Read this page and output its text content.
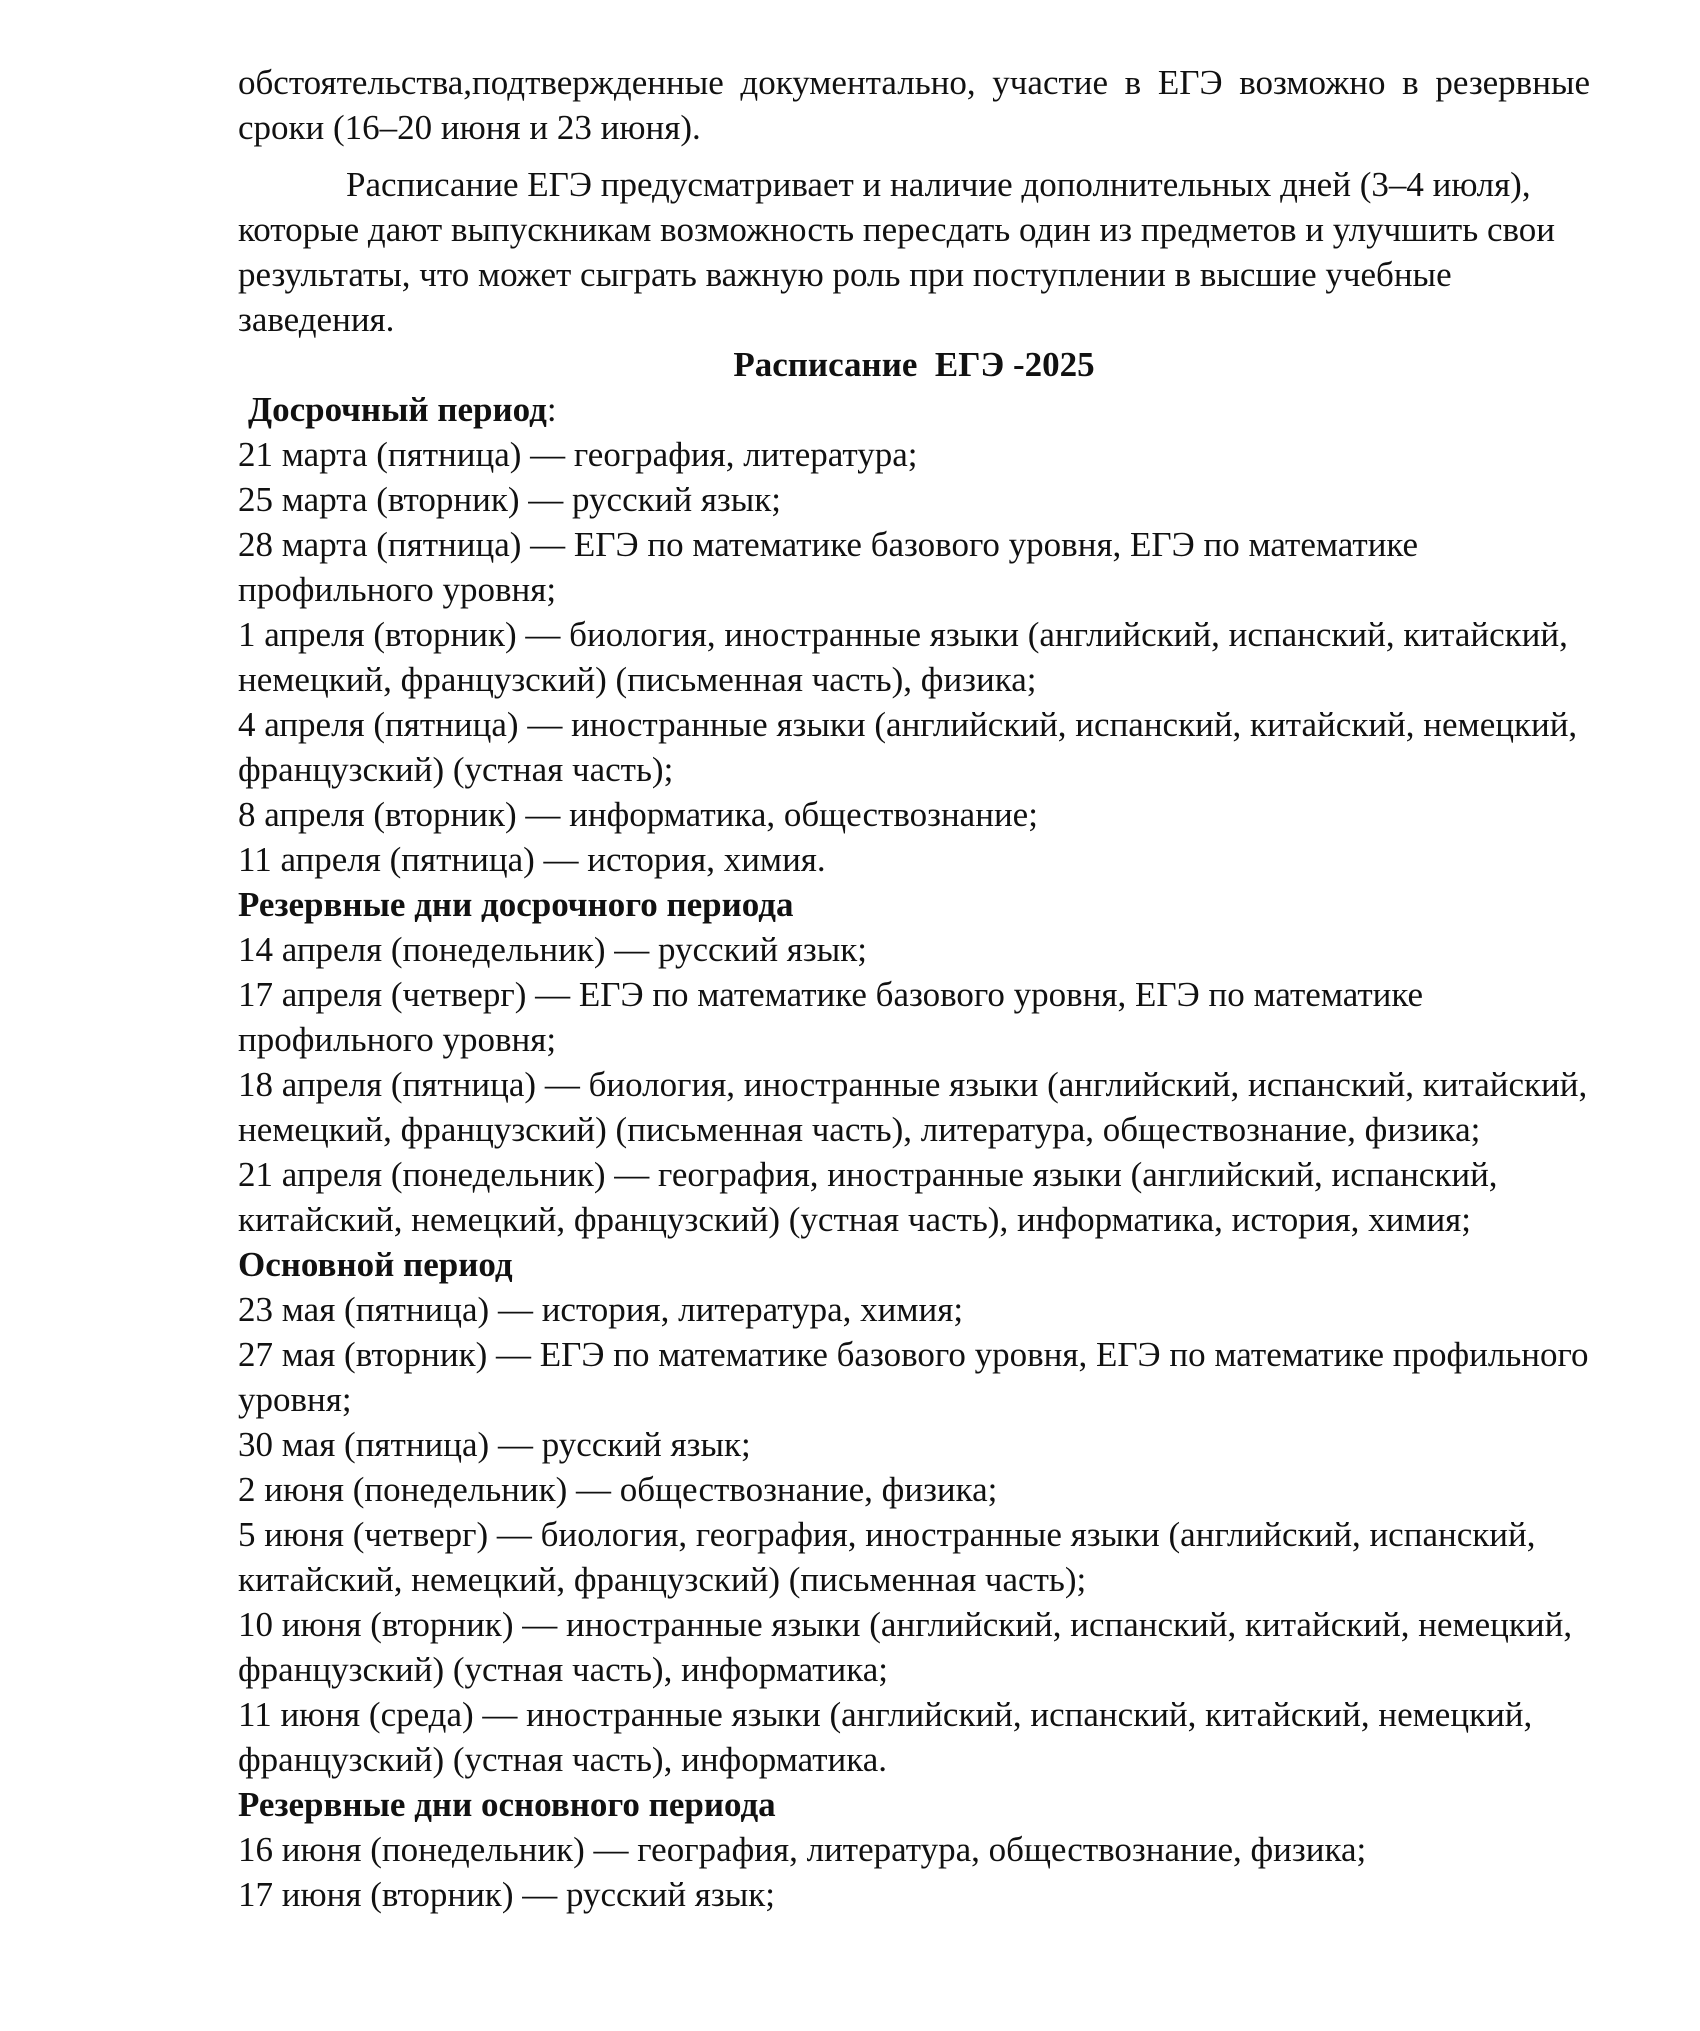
обстоятельства,подтвержденные документально, участие в ЕГЭ возможно в резервные сроки (16–20 июня и 23 июня).

Расписание ЕГЭ предусматривает и наличие дополнительных дней (3–4 июля), которые дают выпускникам возможность пересдать один из предметов и улучшить свои результаты, что может сыграть важную роль при поступлении в высшие учебные заведения.

Расписание  ЕГЭ -2025

Досрочный период:

21 марта (пятница) — география, литература;

25 марта (вторник) — русский язык;

28 марта (пятница) — ЕГЭ по математике базового уровня, ЕГЭ по математике профильного уровня;

1 апреля (вторник) — биология, иностранные языки (английский, испанский, китайский, немецкий, французский) (письменная часть), физика;

4 апреля (пятница) — иностранные языки (английский, испанский, китайский, немецкий, французский) (устная часть);

8 апреля (вторник) — информатика, обществознание;

11 апреля (пятница) — история, химия.

Резервные дни досрочного периода

14 апреля (понедельник) — русский язык;

17 апреля (четверг) — ЕГЭ по математике базового уровня, ЕГЭ по математике профильного уровня;

18 апреля (пятница) — биология, иностранные языки (английский, испанский, китайский, немецкий, французский) (письменная часть), литература, обществознание, физика;

21 апреля (понедельник) — география, иностранные языки (английский, испанский, китайский, немецкий, французский) (устная часть), информатика, история, химия;

Основной период

23 мая (пятница) — история, литература, химия;

27 мая (вторник) — ЕГЭ по математике базового уровня, ЕГЭ по математике профильного уровня;

30 мая (пятница) — русский язык;

2 июня (понедельник) — обществознание, физика;

5 июня (четверг) — биология, география, иностранные языки (английский, испанский, китайский, немецкий, французский) (письменная часть);

10 июня (вторник) — иностранные языки (английский, испанский, китайский, немецкий, французский) (устная часть), информатика;

11 июня (среда) — иностранные языки (английский, испанский, китайский, немецкий, французский) (устная часть), информатика.

Резервные дни основного периода

16 июня (понедельник) — география, литература, обществознание, физика;

17 июня (вторник) — русский язык;
